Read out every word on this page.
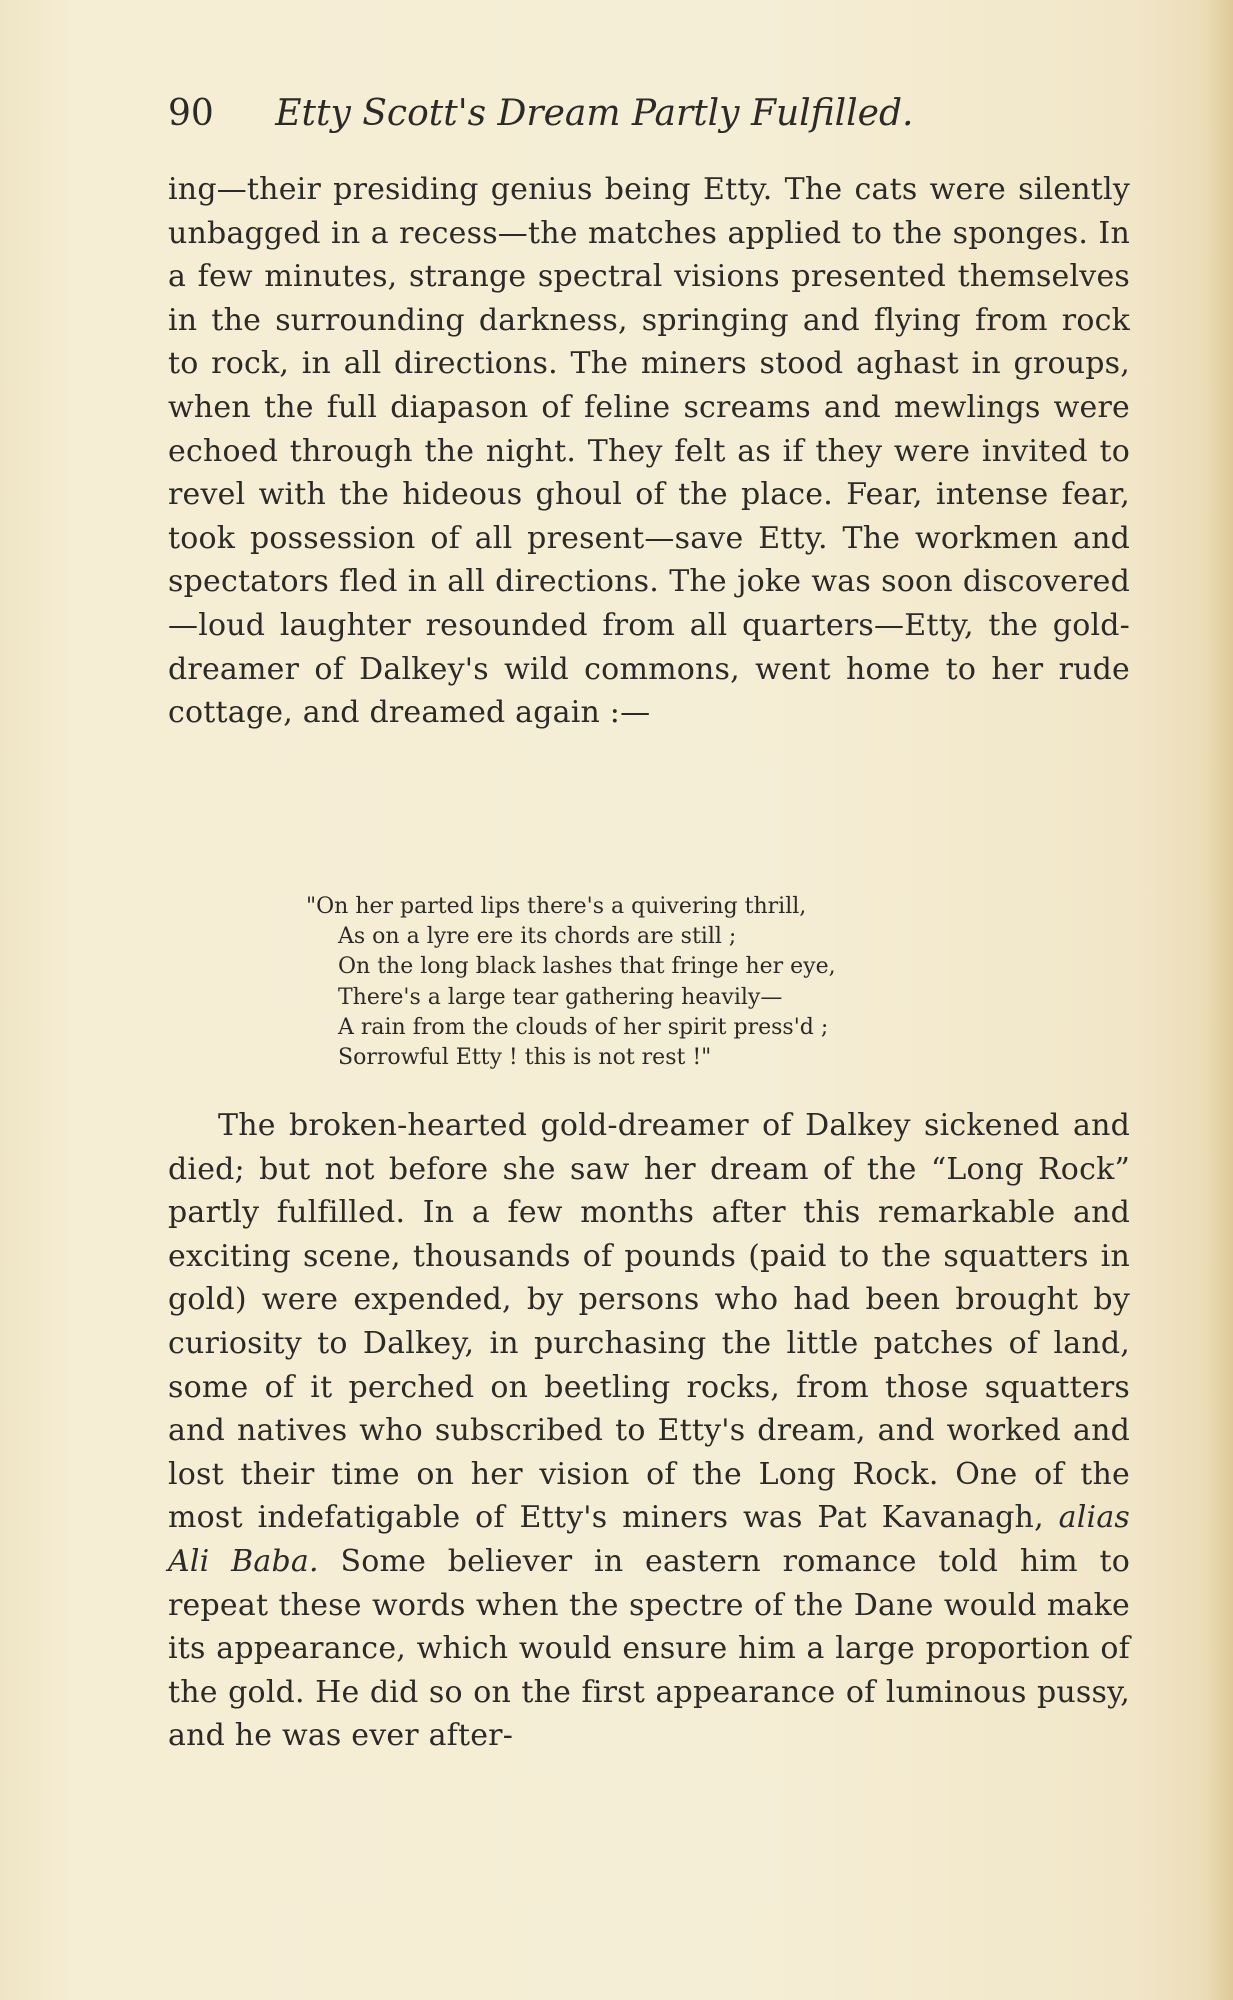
90 Etty Scott's Dream Partly Fulfilled.

ing—their presiding genius being Etty. The cats were silently unbagged in a recess—the matches applied to the sponges. In a few minutes, strange spectral visions presented themselves in the surrounding darkness, springing and flying from rock to rock, in all directions. The miners stood aghast in groups, when the full diapason of feline screams and mewlings were echoed through the night. They felt as if they were invited to revel with the hideous ghoul of the place. Fear, intense fear, took possession of all present—save Etty. The workmen and spectators fled in all directions. The joke was soon discovered—loud laughter resounded from all quarters—Etty, the gold-dreamer of Dalkey's wild commons, went home to her rude cottage, and dreamed again :—

"On her parted lips there's a quivering thrill,
As on a lyre ere its chords are still ;
On the long black lashes that fringe her eye,
There's a large tear gathering heavily—
A rain from the clouds of her spirit press'd ;
Sorrowful Etty ! this is not rest !"

The broken-hearted gold-dreamer of Dalkey sickened and died; but not before she saw her dream of the “Long Rock” partly fulfilled. In a few months after this remarkable and exciting scene, thousands of pounds (paid to the squatters in gold) were expended, by persons who had been brought by curiosity to Dalkey, in purchasing the little patches of land, some of it perched on beetling rocks, from those squatters and natives who subscribed to Etty's dream, and worked and lost their time on her vision of the Long Rock. One of the most indefatigable of Etty's miners was Pat Kavanagh, alias Ali Baba. Some believer in eastern romance told him to repeat these words when the spectre of the Dane would make its appearance, which would ensure him a large proportion of the gold. He did so on the first appearance of luminous pussy, and he was ever after-
